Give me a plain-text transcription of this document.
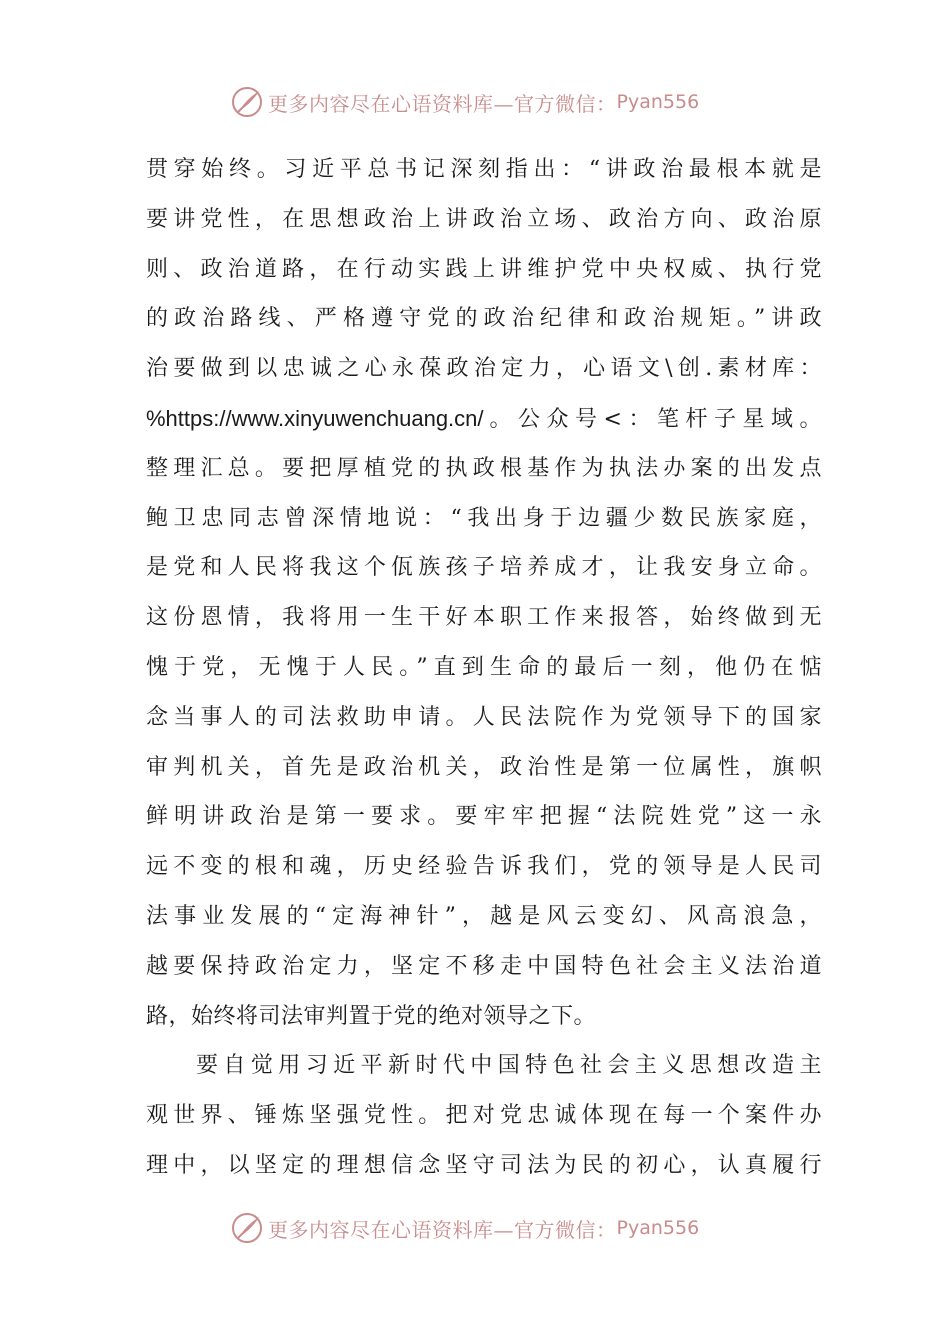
更多内容尽在心语资料库—官方微信： Pyan556
贯穿始终。习近平总书记深刻指出：“讲政治最根本就是
要讲党性，在思想政治上讲政治立场、政治方向、政治原
则、政治道路，在行动实践上讲维护党中央权威、执行党
的政治路线、严格遵守党的政治纪律和政治规矩。”讲政
治要做到以忠诚之心永葆政治定力，心语文\创.素材库：
%https://www.xinyuwenchuang.cn/。公众号<：笔杆子星域。
整理汇总。要把厚植党的执政根基作为执法办案的出发点
鲍卫忠同志曾深情地说：“我出身于边疆少数民族家庭，
是党和人民将我这个佤族孩子培养成才，让我安身立命。
这份恩情，我将用一生干好本职工作来报答，始终做到无
愧于党，无愧于人民。”直到生命的最后一刻，他仍在惦
念当事人的司法救助申请。人民法院作为党领导下的国家
审判机关，首先是政治机关，政治性是第一位属性，旗帜
鲜明讲政治是第一要求。要牢牢把握“法院姓党”这一永
远不变的根和魂，历史经验告诉我们，党的领导是人民司
法事业发展的“定海神针”，越是风云变幻、风高浪急，
越要保持政治定力，坚定不移走中国特色社会主义法治道
路，始终将司法审判置于党的绝对领导之下。
要自觉用习近平新时代中国特色社会主义思想改造主
观世界、锤炼坚强党性。把对党忠诚体现在每一个案件办
理中，以坚定的理想信念坚守司法为民的初心，认真履行
更多内容尽在心语资料库—官方微信： Pyan556
